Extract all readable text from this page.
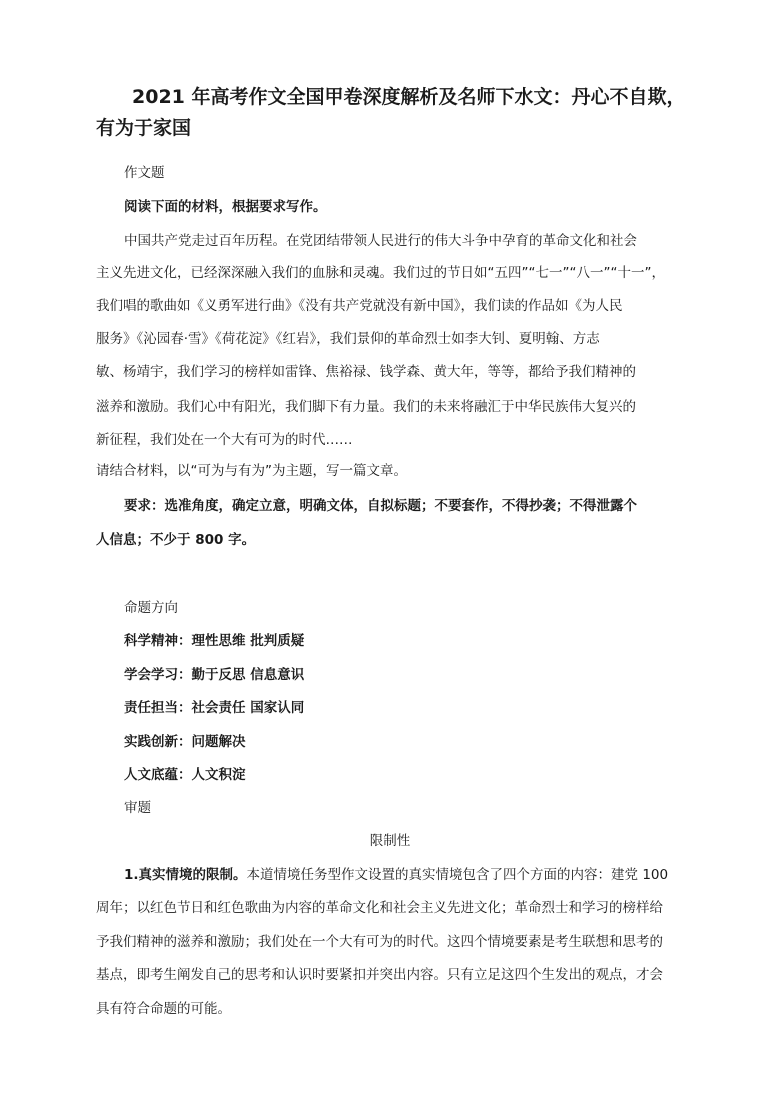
2021 年高考作文全国甲卷深度解析及名师下水文：丹心不自欺，有为于家国
作文题
阅读下面的材料，根据要求写作。
中国共产党走过百年历程。在党团结带领人民进行的伟大斗争中孕育的革命文化和社会
主义先进文化，已经深深融入我们的血脉和灵魂。我们过的节日如“五四”“七一”“八一”“十一”，
我们唱的歌曲如《义勇军进行曲》《没有共产党就没有新中国》，我们读的作品如《为人民
服务》《沁园春·雪》《荷花淀》《红岩》，我们景仰的革命烈士如李大钊、夏明翰、方志
敏、杨靖宇，我们学习的榜样如雷锋、焦裕禄、钱学森、黄大年，等等，都给予我们精神的
滋养和激励。我们心中有阳光，我们脚下有力量。我们的未来将融汇于中华民族伟大复兴的
新征程，我们处在一个大有可为的时代……
请结合材料，以“可为与有为”为主题，写一篇文章。
要求：选准角度，确定立意，明确文体，自拟标题；不要套作，不得抄袭；不得泄露个
人信息；不少于 800 字。
命题方向
科学精神：理性思维 批判质疑
学会学习：勤于反思 信息意识
责任担当：社会责任 国家认同
实践创新：问题解决
人文底蕴：人文积淀
审题
限制性
1.真实情境的限制。本道情境任务型作文设置的真实情境包含了四个方面的内容：建党 100
周年；以红色节日和红色歌曲为内容的革命文化和社会主义先进文化；革命烈士和学习的榜样给
予我们精神的滋养和激励；我们处在一个大有可为的时代。这四个情境要素是考生联想和思考的
基点，即考生阐发自己的思考和认识时要紧扣并突出内容。只有立足这四个生发出的观点，才会
具有符合命题的可能。
